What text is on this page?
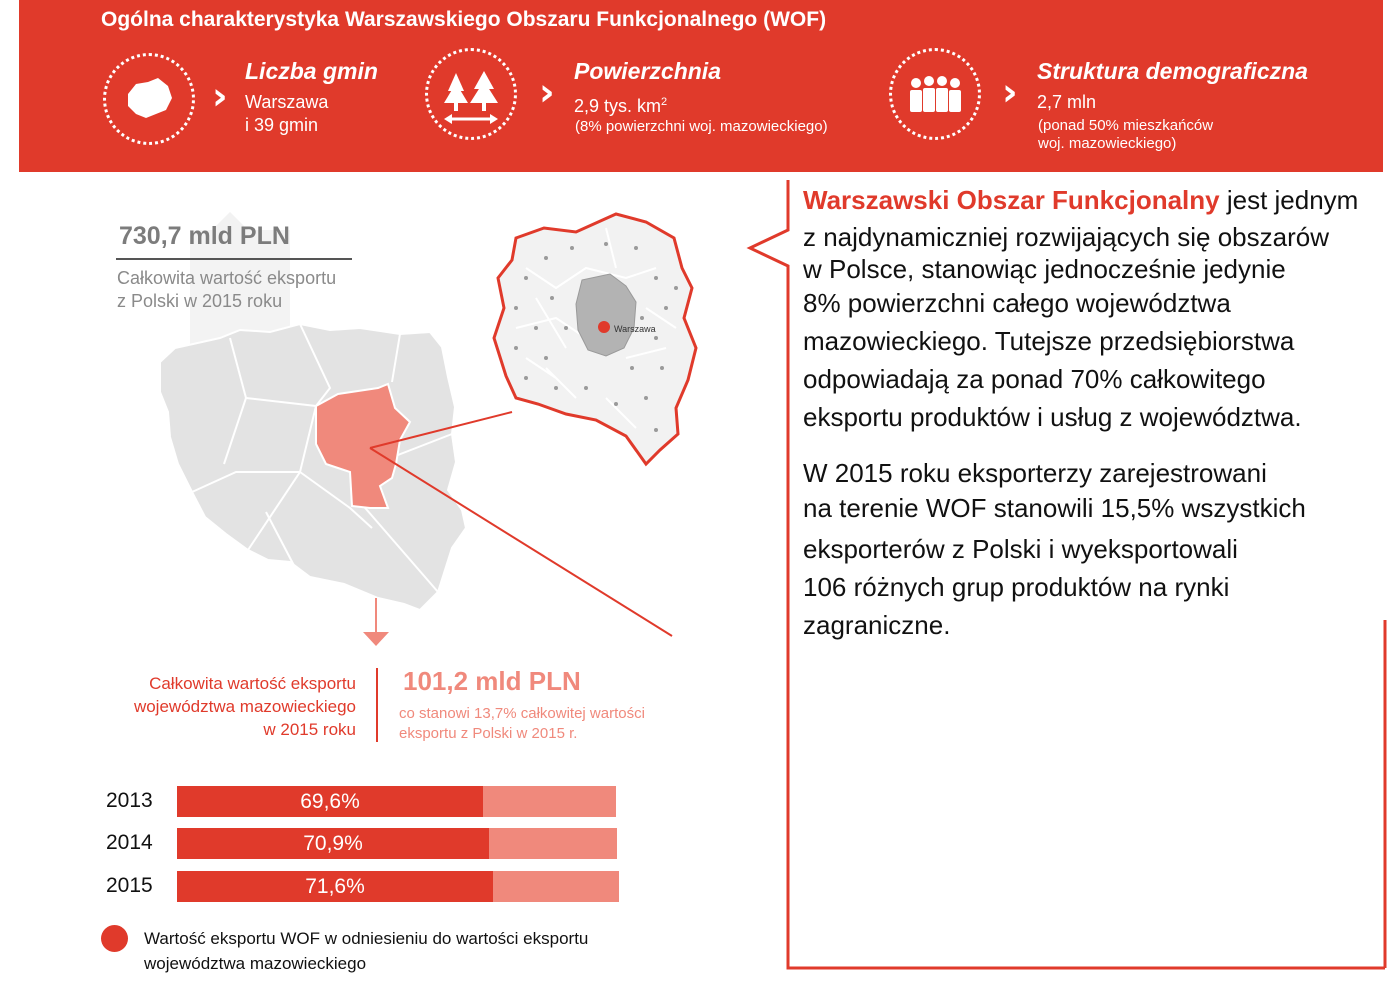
Ogólna charakterystyka Warszawskiego Obszaru Funkcjonalnego (WOF)
›
Liczba gmin
Warszawa
i 39 gmin
› Powierzchnia
2,9 tys. $km^2$
(8% powierzchni woj. mazowieckiego)
› Struktura demograficzna
2,7 mln
(ponad 50% mieszkańców
woj. mazowieckiego)
Warszawa
730,7 mld PLN
Całkowita wartość eksportu
z Polski w 2015 roku
Całkowita wartość eksportu
województwa mazowieckiego
w 2015 roku
101,2 mld PLN
co stanowi 13,7% całkowitej wartości
eksportu z Polski w 2015 r.
2013	69,6%
2014	70,9%
2015	71,6%
Wartość eksportu WOF w odniesieniu do wartości eksportu
województwa mazowieckiego
Warszawski Obszar Funkcjonalny jest jednym
z najdynamiczniej rozwijających się obszarów
w Polsce, stanowiąc jednocześnie jedynie
8% powierzchni całego województwa
mazowieckiego. Tutejsze przedsiębiorstwa
odpowiadają za ponad 70% całkowitego
eksportu produktów i usług z województwa.
W 2015 roku eksporterzy zarejestrowani
na terenie WOF stanowili 15,5% wszystkich
eksporterów z Polski i wyeksportowali
106 różnych grup produktów na rynki
zagraniczne.
